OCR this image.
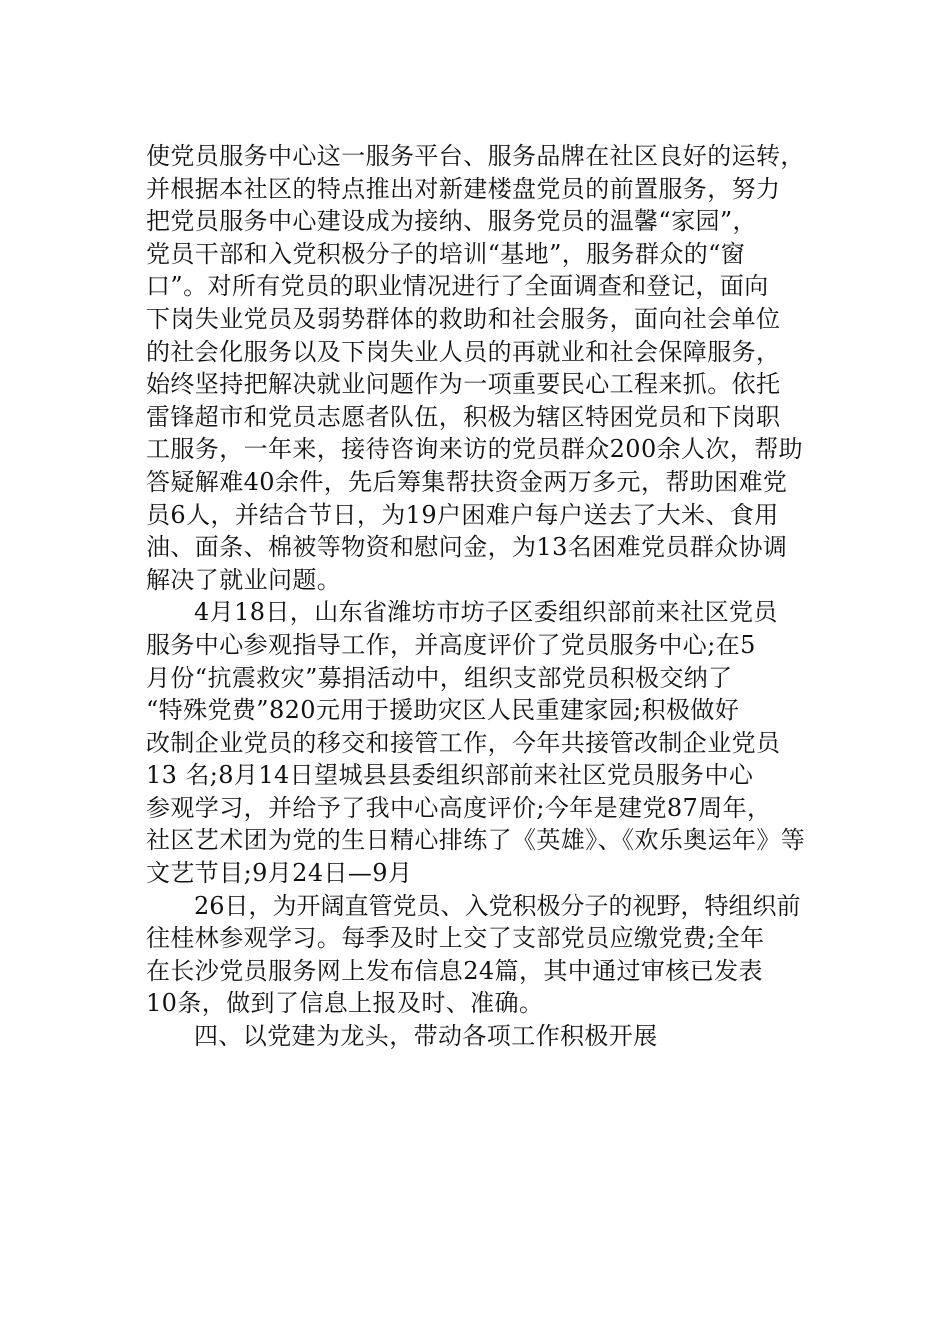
使党员服务中心这一服务平台、服务品牌在社区良好的运转，
并根据本社区的特点推出对新建楼盘党员的前置服务，努力
把党员服务中心建设成为接纳、服务党员的温馨“家园”，
党员干部和入党积极分子的培训“基地”，服务群众的“窗
口”。对所有党员的职业情况进行了全面调查和登记，面向
下岗失业党员及弱势群体的救助和社会服务，面向社会单位
的社会化服务以及下岗失业人员的再就业和社会保障服务，
始终坚持把解决就业问题作为一项重要民心工程来抓。依托
雷锋超市和党员志愿者队伍，积极为辖区特困党员和下岗职
工服务，一年来，接待咨询来访的党员群众200余人次，帮助
答疑解难40余件，先后筹集帮扶资金两万多元，帮助困难党
员6人，并结合节日，为19户困难户每户送去了大米、食用
油、面条、棉被等物资和慰问金，为13名困难党员群众协调
解决了就业问题。
4月18日，山东省潍坊市坊子区委组织部前来社区党员
服务中心参观指导工作，并高度评价了党员服务中心;在5
月份“抗震救灾”募捐活动中，组织支部党员积极交纳了
“特殊党费”820元用于援助灾区人民重建家园;积极做好
改制企业党员的移交和接管工作，今年共接管改制企业党员
13 名;8月14日望城县县委组织部前来社区党员服务中心
参观学习，并给予了我中心高度评价;今年是建党87周年，
社区艺术团为党的生日精心排练了《英雄》、《欢乐奥运年》等
文艺节目;9月24日—9月
26日，为开阔直管党员、入党积极分子的视野，特组织前
往桂林参观学习。每季及时上交了支部党员应缴党费;全年
在长沙党员服务网上发布信息24篇，其中通过审核已发表
10条，做到了信息上报及时、准确。
四、以党建为龙头，带动各项工作积极开展
